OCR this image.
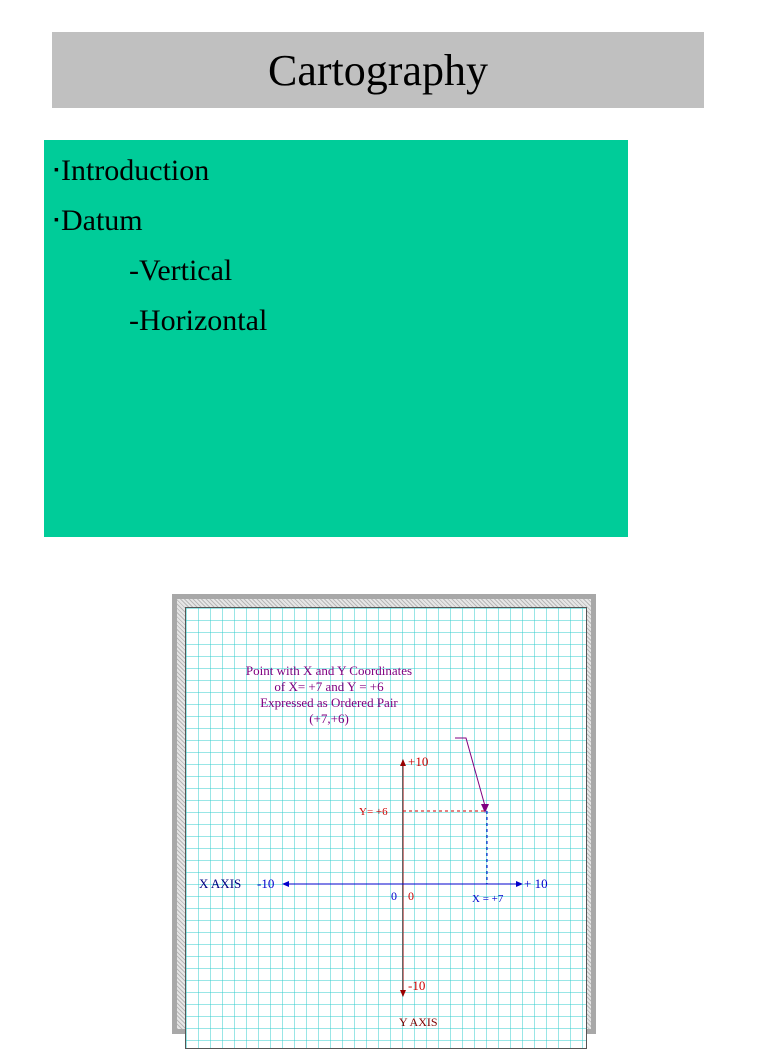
Cartography
▪Introduction
▪Datum
-Vertical
-Horizontal
Point with X and Y Coordinates
of X= +7 and Y = +6
Expressed as Ordered Pair
(+7,+6)
+10
-10
+ 10
X AXIS -10
0 0
Y= +6
X = +7
Y AXIS
